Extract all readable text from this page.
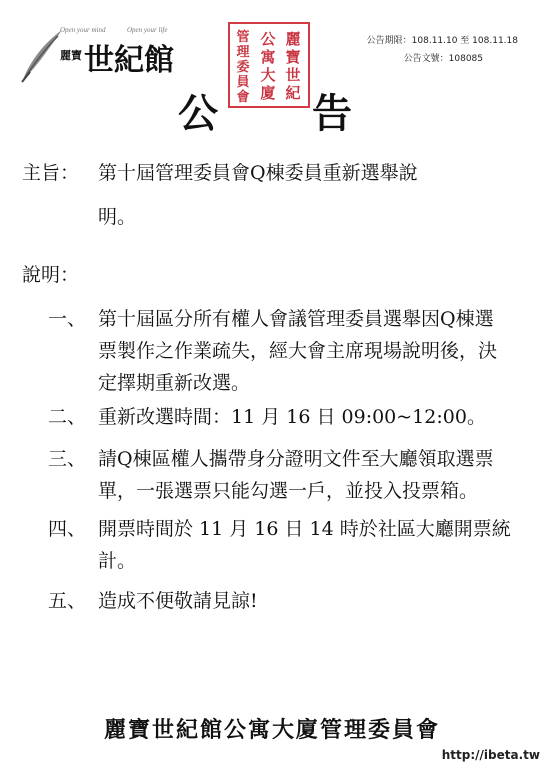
Open your mind	Open your life
麗寶 世紀館
麗寶世紀
公寓大廈
管理委員會
公告期限：108.11.10 至 108.11.18
公告文號：108085
公 告
主旨： 第十屆管理委員會Q棟委員重新選舉說
明。
說明：
一、 第十屆區分所有權人會議管理委員選舉因Q棟選
票製作之作業疏失，經大會主席現場說明後，決
定擇期重新改選。
二、 重新改選時間：11 月 16 日 09:00~12:00。
三、 請Q棟區權人攜帶身分證明文件至大廳領取選票
單，一張選票只能勾選一戶，並投入投票箱。
四、 開票時間於 11 月 16 日 14 時於社區大廳開票統
計。
五、 造成不便敬請見諒!
麗寶世紀館公寓大廈管理委員會
http://ibeta.tw
